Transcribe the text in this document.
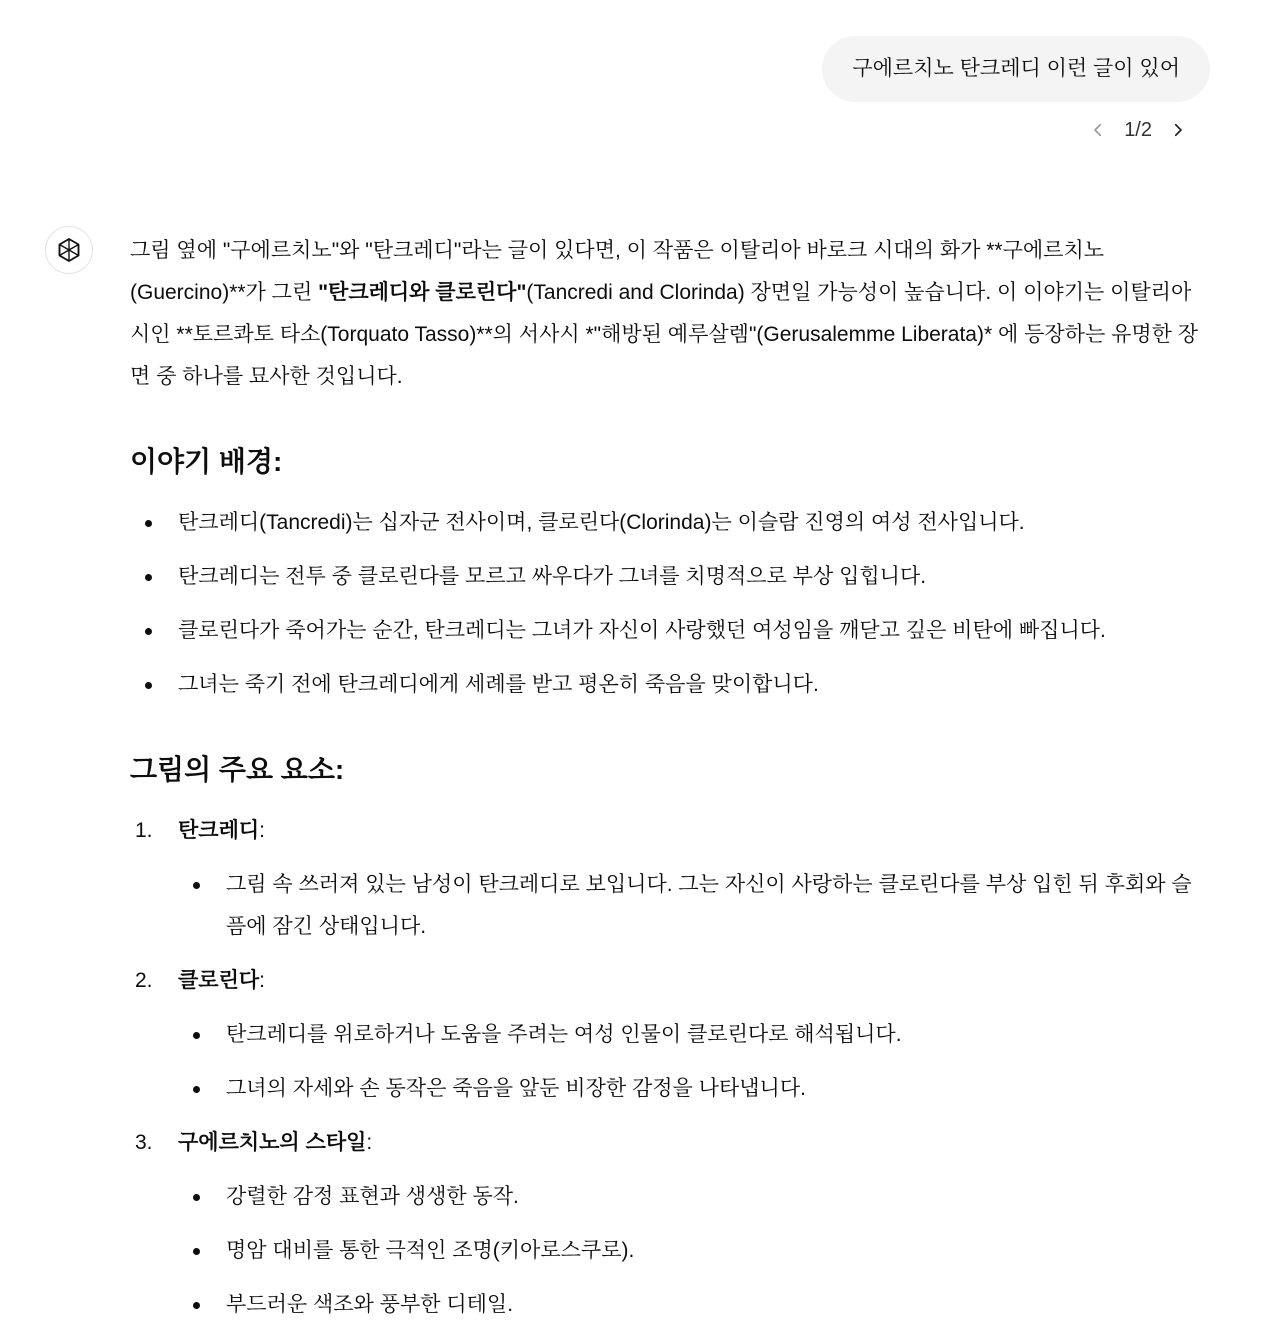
구에르치노 탄크레디 이런 글이 있어
1/2

그림 옆에 "구에르치노"와 "탄크레디"라는 글이 있다면, 이 작품은 이탈리아 바로크 시대의 화가 **구에르치노(Guercino)**가 그린 "탄크레디와 클로린다"(Tancredi and Clorinda) 장면일 가능성이 높습니다. 이 이야기는 이탈리아 시인 **토르콰토 타소(Torquato Tasso)**의 서사시 *"해방된 예루살렘"(Gerusalemme Liberata)* 에 등장하는 유명한 장면 중 하나를 묘사한 것입니다.

이야기 배경:
탄크레디(Tancredi)는 십자군 전사이며, 클로린다(Clorinda)는 이슬람 진영의 여성 전사입니다.
탄크레디는 전투 중 클로린다를 모르고 싸우다가 그녀를 치명적으로 부상 입힙니다.
클로린다가 죽어가는 순간, 탄크레디는 그녀가 자신이 사랑했던 여성임을 깨닫고 깊은 비탄에 빠집니다.
그녀는 죽기 전에 탄크레디에게 세례를 받고 평온히 죽음을 맞이합니다.
그림의 주요 요소:
1. 탄크레디:
그림 속 쓰러져 있는 남성이 탄크레디로 보입니다. 그는 자신이 사랑하는 클로린다를 부상 입힌 뒤 후회와 슬픔에 잠긴 상태입니다.
2. 클로린다:
탄크레디를 위로하거나 도움을 주려는 여성 인물이 클로린다로 해석됩니다.
그녀의 자세와 손 동작은 죽음을 앞둔 비장한 감정을 나타냅니다.
3. 구에르치노의 스타일:
강렬한 감정 표현과 생생한 동작.
명암 대비를 통한 극적인 조명(키아로스쿠로).
부드러운 색조와 풍부한 디테일.
